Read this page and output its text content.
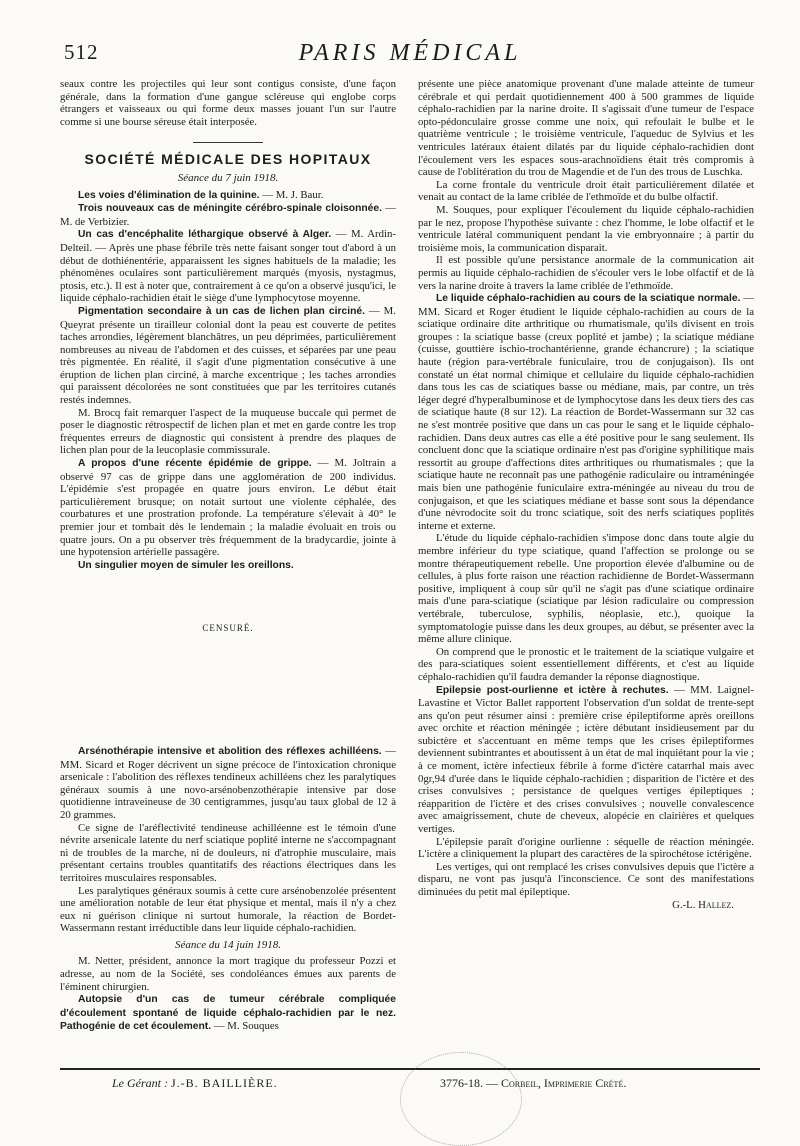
512	PARIS MÉDICAL

seaux contre les projectiles qui leur sont contigus consiste, d'une façon générale, dans la formation d'une gangue scléreuse qui englobe corps étrangers et vaisseaux ou qui forme deux masses jouant l'un sur l'autre comme si une bourse séreuse était interposée.

SOCIÉTÉ MÉDICALE DES HOPITAUX
Séance du 7 juin 1918.

Les voies d'élimination de la quinine. — M. J. Baur.

Trois nouveaux cas de méningite cérébro-spinale cloisonnée. — M. de Verbizier.

Un cas d'encéphalite léthargique observé à Alger. — M. Ardin-Delteil. — Après une phase fébrile très nette faisant songer tout d'abord à un début de dothiénentérie, apparaissent les signes habituels de la maladie; les phénomènes oculaires sont particulièrement marqués (myosis, nystagmus, ptosis, etc.). Il est à noter que, contrairement à ce qu'on a observé jusqu'ici, le liquide céphalo-rachidien était le siège d'une lymphocytose moyenne.

Pigmentation secondaire à un cas de lichen plan circiné. — M. Queyrat présente un tirailleur colonial dont la peau est couverte de petites taches arrondies, légèrement blanchâtres, un peu déprimées, particulièrement nombreuses au niveau de l'abdomen et des cuisses, et séparées par une peau très pigmentée. En réalité, il s'agit d'une pigmentation consécutive à une éruption de lichen plan circiné, à marche excentrique ; les taches arrondies qui paraissent décolorées ne sont constituées que par les territoires cutanés restés indemnes.

M. Brocq fait remarquer l'aspect de la muqueuse buccale qui permet de poser le diagnostic rétrospectif de lichen plan et met en garde contre les trop fréquentes erreurs de diagnostic qui consistent à prendre des plaques de lichen plan pour de la leucoplasie commissurale.

A propos d'une récente épidémie de grippe. — M. Joltrain a observé 97 cas de grippe dans une agglomération de 200 individus. L'épidémie s'est propagée en quatre jours environ. Le début était particulièrement brusque; on notait surtout une violente céphalée, des courbatures et une prostration profonde. La température s'élevait à 40° le premier jour et tombait dès le lendemain ; la maladie évoluait en trois ou quatre jours. On a pu observer très fréquemment de la bradycardie, jointe à une hypotension artérielle passagère.

Un singulier moyen de simuler les oreillons.

CENSURÉ.

Arsénothérapie intensive et abolition des réflexes achilléens. — MM. Sicard et Roger décrivent un signe précoce de l'intoxication chronique arsenicale : l'abolition des réflexes tendineux achilléens chez les paralytiques généraux soumis à une novo-arsénobenzothérapie intensive par dose quotidienne intraveineuse de 30 centigrammes, jusqu'au taux global de 12 à 20 grammes.

Ce signe de l'aréflectivité tendineuse achilléenne est le témoin d'une névrite arsenicale latente du nerf sciatique poplité interne ne s'accompagnant ni de troubles de la marche, ni de douleurs, ni d'atrophie musculaire, mais présentant certains troubles quantitatifs des réactions électriques dans les territoires musculaires responsables.

Les paralytiques généraux soumis à cette cure arsénobenzolée présentent une amélioration notable de leur état physique et mental, mais il n'y a chez eux ni guérison clinique ni surtout humorale, la réaction de Bordet-Wassermann restant irréductible dans leur liquide céphalo-rachidien.

Séance du 14 juin 1918.

M. Netter, président, annonce la mort tragique du professeur Pozzi et adresse, au nom de la Société, ses condoléances émues aux parents de l'éminent chirurgien.

Autopsie d'un cas de tumeur cérébrale compliquée d'écoulement spontané de liquide céphalo-rachidien par le nez. Pathogénie de cet écoulement. — M. Souques

présente une pièce anatomique provenant d'une malade atteinte de tumeur cérébrale et qui perdait quotidiennement 400 à 500 grammes de liquide céphalo-rachidien par la narine droite. Il s'agissait d'une tumeur de l'espace opto-pédonculaire grosse comme une noix, qui refoulait le bulbe et le quatrième ventricule ; le troisième ventricule, l'aqueduc de Sylvius et les ventricules latéraux étaient dilatés par du liquide céphalo-rachidien dont l'écoulement vers les espaces sous-arachnoïdiens était très compromis à cause de l'oblitération du trou de Magendie et de l'un des trous de Luschka.

La corne frontale du ventricule droit était particulièrement dilatée et venait au contact de la lame criblée de l'ethmoïde et du bulbe olfactif.

M. Souques, pour expliquer l'écoulement du liquide céphalo-rachidien par le nez, propose l'hypothèse suivante : chez l'homme, le lobe olfactif et le ventricule latéral communiquent pendant la vie embryonnaire ; à partir du troisième mois, la communication disparait.

Il est possible qu'une persistance anormale de la communication ait permis au liquide céphalo-rachidien de s'écouler vers le lobe olfactif et de là vers la narine droite à travers la lame criblée de l'ethmoïde.

Le liquide céphalo-rachidien au cours de la sciatique normale. — MM. Sicard et Roger étudient le liquide céphalo-rachidien au cours de la sciatique ordinaire dite arthritique ou rhumatismale, qu'ils divisent en trois groupes : la sciatique basse (creux poplité et jambe) ; la sciatique médiane (cuisse, gouttière ischio-trochantérienne, grande échancrure) ; la sciatique haute (région para-vertébrale funiculaire, trou de conjugaison). Ils ont constaté un état normal chimique et cellulaire du liquide céphalo-rachidien dans tous les cas de sciatiques basse ou médiane, mais, par contre, un très léger degré d'hyperalbuminose et de lymphocytose dans les deux tiers des cas de sciatique haute (8 sur 12). La réaction de Bordet-Wassermann sur 32 cas ne s'est montrée positive que dans un cas pour le sang et le liquide céphalo-rachidien. Dans deux autres cas elle a été positive pour le sang seulement. Ils concluent donc que la sciatique ordinaire n'est pas d'origine syphilitique mais ressortit au groupe d'affections dites arthritiques ou rhumatismales ; que la sciatique haute ne reconnaît pas une pathogénie radiculaire ou intraméningée mais bien une pathogénie funiculaire extra-méningée au niveau du trou de conjugaison, et que les sciatiques médiane et basse sont sous la dépendance d'une névrodocite soit du tronc sciatique, soit des nerfs sciatiques poplités interne et externe.

L'étude du liquide céphalo-rachidien s'impose donc dans toute algie du membre inférieur du type sciatique, quand l'affection se prolonge ou se montre thérapeutiquement rebelle. Une proportion élevée d'albumine ou de cellules, à plus forte raison une réaction rachidienne de Bordet-Wassermann positive, impliquent à coup sûr qu'il ne s'agit pas d'une sciatique ordinaire mais d'une para-sciatique (sciatique par lésion radiculaire ou compression vertébrale, tuberculose, syphilis, néoplasie, etc.), quoique la symptomatologie puisse dans les deux groupes, au début, se présenter avec la même allure clinique.

On comprend que le pronostic et le traitement de la sciatique vulgaire et des para-sciatiques soient essentiellement différents, et c'est au liquide céphalo-rachidien qu'il faudra demander la réponse diagnostique.

Epilepsie post-ourlienne et ictère à rechutes. — MM. Laignel-Lavastine et Victor Ballet rapportent l'observation d'un soldat de trente-sept ans qu'on peut résumer ainsi : première crise épileptiforme après oreillons avec orchite et réaction méningée ; ictère débutant insidieusement par du subictère et s'accentuant en même temps que les crises épileptiformes deviennent subintrantes et aboutissent à un état de mal inquiétant pour la vie ; à ce moment, ictère infectieux fébrile à forme d'ictère catarrhal mais avec 0gr,94 d'urée dans le liquide céphalo-rachidien ; disparition de l'ictère et des crises convulsives ; persistance de quelques vertiges épileptiques ; réapparition de l'ictère et des crises convulsives ; nouvelle convalescence avec amaigrissement, chute de cheveux, alopécie en clairières et quelques vertiges.

L'épilepsie paraît d'origine ourlienne : séquelle de réaction méningée. L'ictère a cliniquement la plupart des caractères de la spirochétose ictérigène.

Les vertiges, qui ont remplacé les crises convulsives depuis que l'ictère a disparu, ne vont pas jusqu'à l'inconscience. Ce sont des manifestations diminuées du petit mal épileptique.

G.-L. Hallez.
Le Gérant : J.-B. BAILLIÈRE.	3776-18. — Corbeil, Imprimerie Crété.
